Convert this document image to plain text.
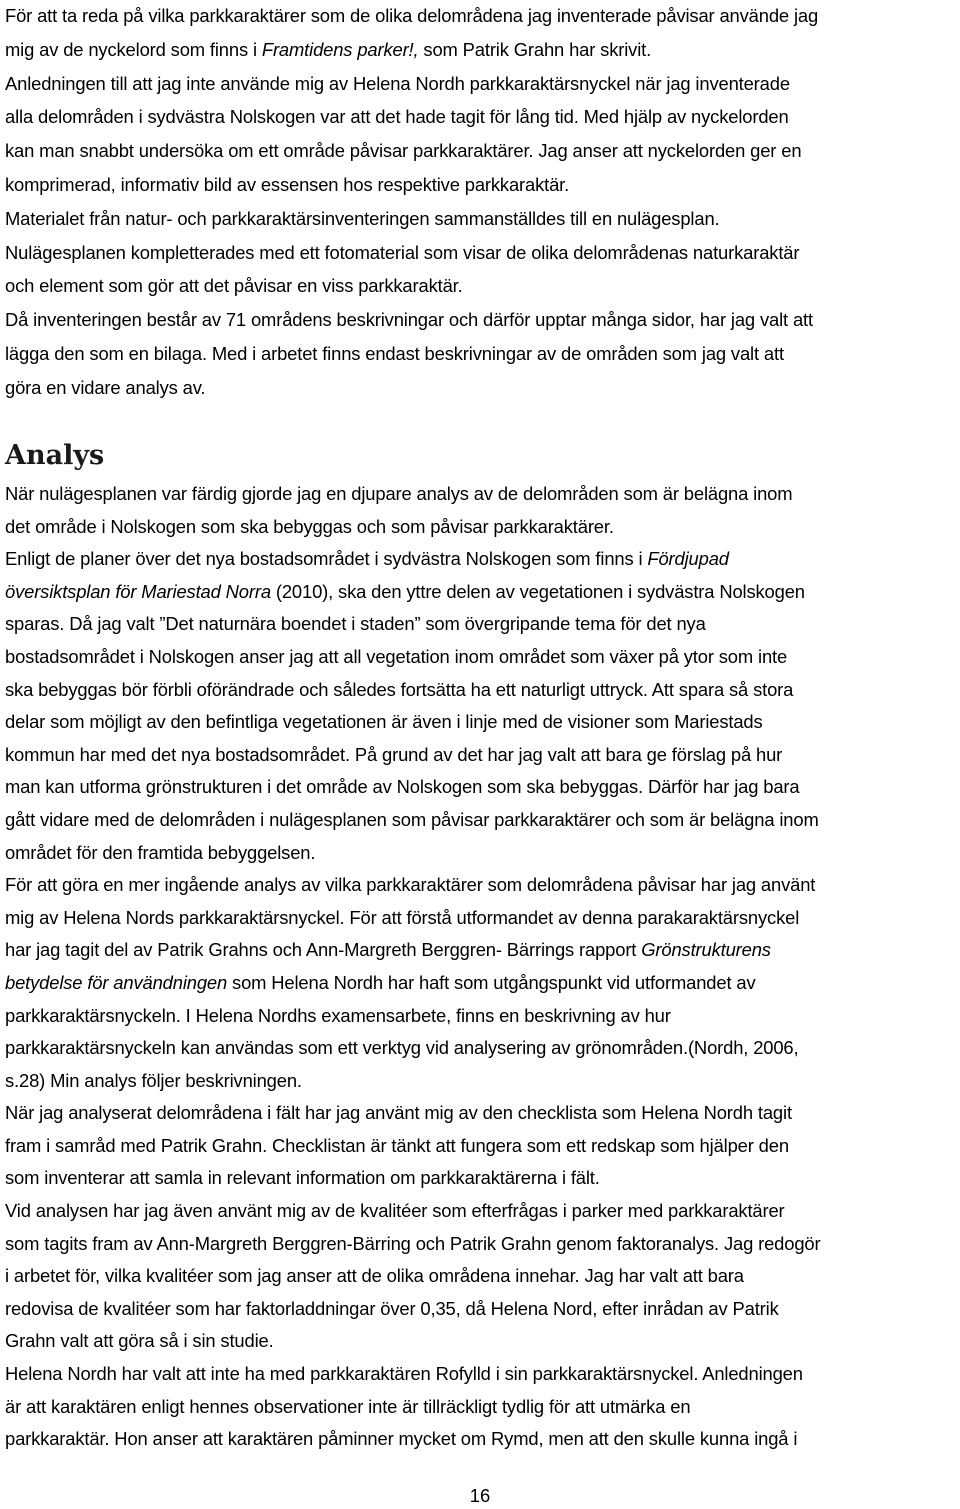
För att ta reda på vilka parkkaraktärer som de olika delområdena jag inventerade påvisar använde jag

mig av de nyckelord som finns i Framtidens parker!, som Patrik Grahn har skrivit.

Anledningen till att jag inte använde mig av Helena Nordh parkkaraktärsnyckel när jag inventerade

alla delområden i sydvästra Nolskogen var att det hade tagit för lång tid. Med hjälp av nyckelorden

kan man snabbt undersöka om ett område påvisar parkkaraktärer. Jag anser att nyckelorden ger en

komprimerad, informativ bild av essensen hos respektive parkkaraktär.

Materialet från natur- och parkkaraktärsinventeringen sammanställdes till en nulägesplan.

Nulägesplanen kompletterades med ett fotomaterial som visar de olika delområdenas naturkaraktär

och element som gör att det påvisar en viss parkkaraktär.

Då inventeringen består av 71 områdens beskrivningar och därför upptar många sidor, har jag valt att

lägga den som en bilaga. Med i arbetet finns endast beskrivningar av de områden som jag valt att

göra en vidare analys av.

Analys

När nulägesplanen var färdig gjorde jag en djupare analys av de delområden som är belägna inom

det område i Nolskogen som ska bebyggas och som påvisar parkkaraktärer.

Enligt de planer över det nya bostadsområdet i sydvästra Nolskogen som finns i Fördjupad

översiktsplan för Mariestad Norra (2010), ska den yttre delen av vegetationen i sydvästra Nolskogen

sparas. Då jag valt ”Det naturnära boendet i staden” som övergripande tema för det nya

bostadsområdet i Nolskogen anser jag att all vegetation inom området som växer på ytor som inte

ska bebyggas bör förbli oförändrade och således fortsätta ha ett naturligt uttryck. Att spara så stora

delar som möjligt av den befintliga vegetationen är även i linje med de visioner som Mariestads

kommun har med det nya bostadsområdet. På grund av det har jag valt att bara ge förslag på hur

man kan utforma grönstrukturen i det område av Nolskogen som ska bebyggas. Därför har jag bara

gått vidare med de delområden i nulägesplanen som påvisar parkkaraktärer och som är belägna inom

området för den framtida bebyggelsen.

För att göra en mer ingående analys av vilka parkkaraktärer som delområdena påvisar har jag använt

mig av Helena Nords parkkaraktärsnyckel. För att förstå utformandet av denna parakaraktärsnyckel

har jag tagit del av Patrik Grahns och Ann-Margreth Berggren- Bärrings rapport Grönstrukturens

betydelse för användningen som Helena Nordh har haft som utgångspunkt vid utformandet av

parkkaraktärsnyckeln. I Helena Nordhs examensarbete, finns en beskrivning av hur

parkkaraktärsnyckeln kan användas som ett verktyg vid analysering av grönområden.(Nordh, 2006,

s.28) Min analys följer beskrivningen.

När jag analyserat delområdena i fält har jag använt mig av den checklista som Helena Nordh tagit

fram i samråd med Patrik Grahn. Checklistan är tänkt att fungera som ett redskap som hjälper den

som inventerar att samla in relevant information om parkkaraktärerna i fält.

Vid analysen har jag även använt mig av de kvalitéer som efterfrågas i parker med parkkaraktärer

som tagits fram av Ann-Margreth Berggren-Bärring och Patrik Grahn genom faktoranalys. Jag redogör

i arbetet för, vilka kvalitéer som jag anser att de olika områdena innehar. Jag har valt att bara

redovisa de kvalitéer som har faktorladdningar över 0,35, då Helena Nord, efter inrådan av Patrik

Grahn valt att göra så i sin studie.

Helena Nordh har valt att inte ha med parkkaraktären Rofylld i sin parkkaraktärsnyckel. Anledningen

är att karaktären enligt hennes observationer inte är tillräckligt tydlig för att utmärka en

parkkaraktär. Hon anser att karaktären påminner mycket om Rymd, men att den skulle kunna ingå i

16
